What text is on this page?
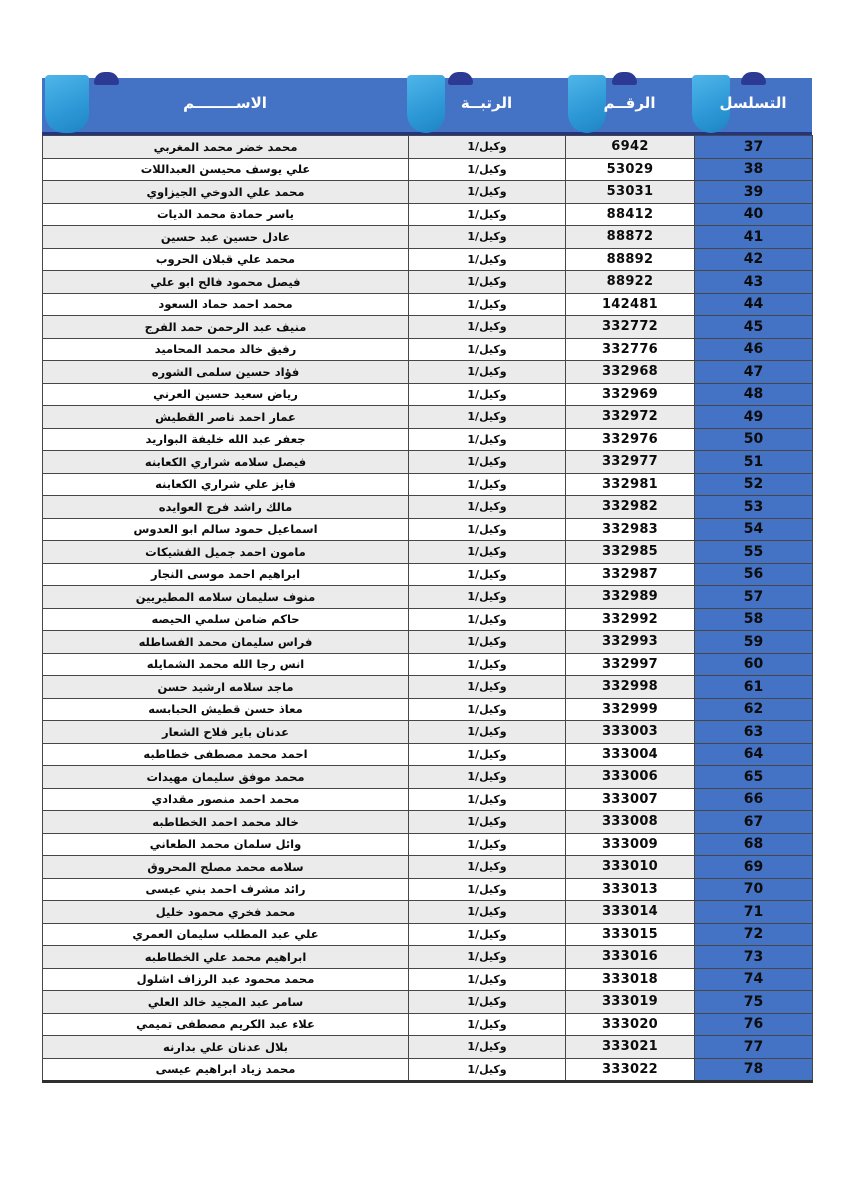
الاســــــــم	الرتبــة	الرقــم	التسلسل
37	6942	وكيل/1	محمد خضر محمد المغربي
38	53029	وكيل/1	علي يوسف محيسن العبداللات
39	53031	وكيل/1	محمد علي الدوخي الجيزاوي
40	88412	وكيل/1	ياسر حمادة محمد الديات
41	88872	وكيل/1	عادل حسين عبد حسين
42	88892	وكيل/1	محمد علي قبلان الحروب
43	88922	وكيل/1	فيصل محمود فالح ابو علي
44	142481	وكيل/1	محمد احمد حماد السعود
45	332772	وكيل/1	منيف عبد الرحمن حمد الفرج
46	332776	وكيل/1	رفيق خالد محمد المحاميد
47	332968	وكيل/1	فؤاد حسين سلمى الشوره
48	332969	وكيل/1	رياض سعيد حسين العرني
49	332972	وكيل/1	عمار احمد ناصر القطيش
50	332976	وكيل/1	جعفر عبد الله خليفة البواريد
51	332977	وكيل/1	فيصل سلامه شراري الكعابنه
52	332981	وكيل/1	فايز علي شراري الكعابنه
53	332982	وكيل/1	مالك راشد فرج العوايده
54	332983	وكيل/1	اسماعيل حمود سالم ابو العدوس
55	332985	وكيل/1	مامون احمد جميل الفشيكات
56	332987	وكيل/1	ابراهيم احمد موسى النجار
57	332989	وكيل/1	منوف سليمان سلامه المطيريين
58	332992	وكيل/1	حاكم ضامن سلمي الحيصه
59	332993	وكيل/1	فراس سليمان محمد الفساطله
60	332997	وكيل/1	انس رجا الله محمد الشمايله
61	332998	وكيل/1	ماجد سلامه ارشيد حسن
62	332999	وكيل/1	معاذ حسن قطيش الحبابسه
63	333003	وكيل/1	عدنان باير فلاح الشعار
64	333004	وكيل/1	احمد محمد مصطفى خطاطبه
65	333006	وكيل/1	محمد موفق سليمان مهيدات
66	333007	وكيل/1	محمد احمد منصور مقدادي
67	333008	وكيل/1	خالد محمد احمد الخطاطبه
68	333009	وكيل/1	وائل سلمان محمد الطعاني
69	333010	وكيل/1	سلامه محمد مصلح المحروق
70	333013	وكيل/1	رائد مشرف احمد بني عيسى
71	333014	وكيل/1	محمد فخري محمود خليل
72	333015	وكيل/1	علي عبد المطلب سليمان العمري
73	333016	وكيل/1	ابراهيم محمد علي الخطاطبه
74	333018	وكيل/1	محمد محمود عبد الرزاف اشلول
75	333019	وكيل/1	سامر عبد المجيد خالد العلي
76	333020	وكيل/1	علاء عبد الكريم مصطفى تميمي
77	333021	وكيل/1	بلال عدنان علي بدارنه
78	333022	وكيل/1	محمد زياد ابراهيم عيسى
